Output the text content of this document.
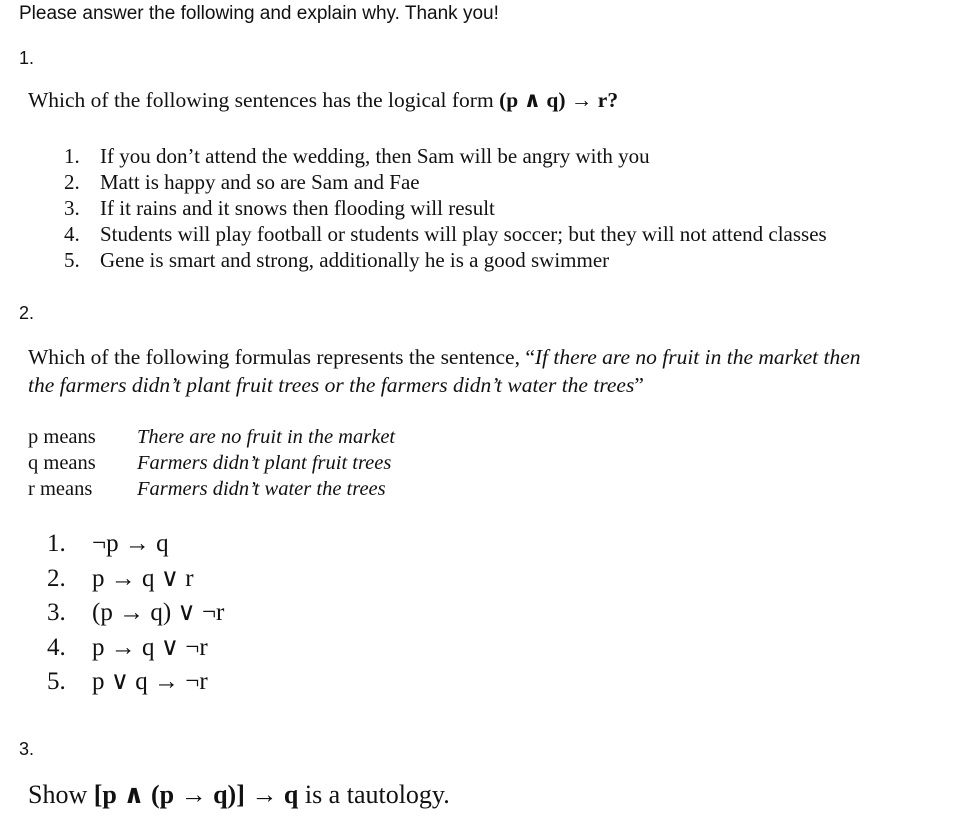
Please answer the following and explain why. Thank you!
1.
Which of the following sentences has the logical form (p ∧ q) → r?
1. If you don’t attend the wedding, then Sam will be angry with you
2. Matt is happy and so are Sam and Fae
3. If it rains and it snows then flooding will result
4. Students will play football or students will play soccer; but they will not attend classes
5. Gene is smart and strong, additionally he is a good swimmer
2.
Which of the following formulas represents the sentence, “If there are no fruit in the market then
the farmers didn’t plant fruit trees or the farmers didn’t water the trees”
p means	There are no fruit in the market
q means	Farmers didn’t plant fruit trees
r means	Farmers didn’t water the trees
1.	¬p → q
2.	p → q ∨ r
3.	(p → q) ∨ ¬r
4.	p → q ∨ ¬r
5.	p ∨ q → ¬r
3.
Show [p ∧ (p → q)] → q is a tautology.
